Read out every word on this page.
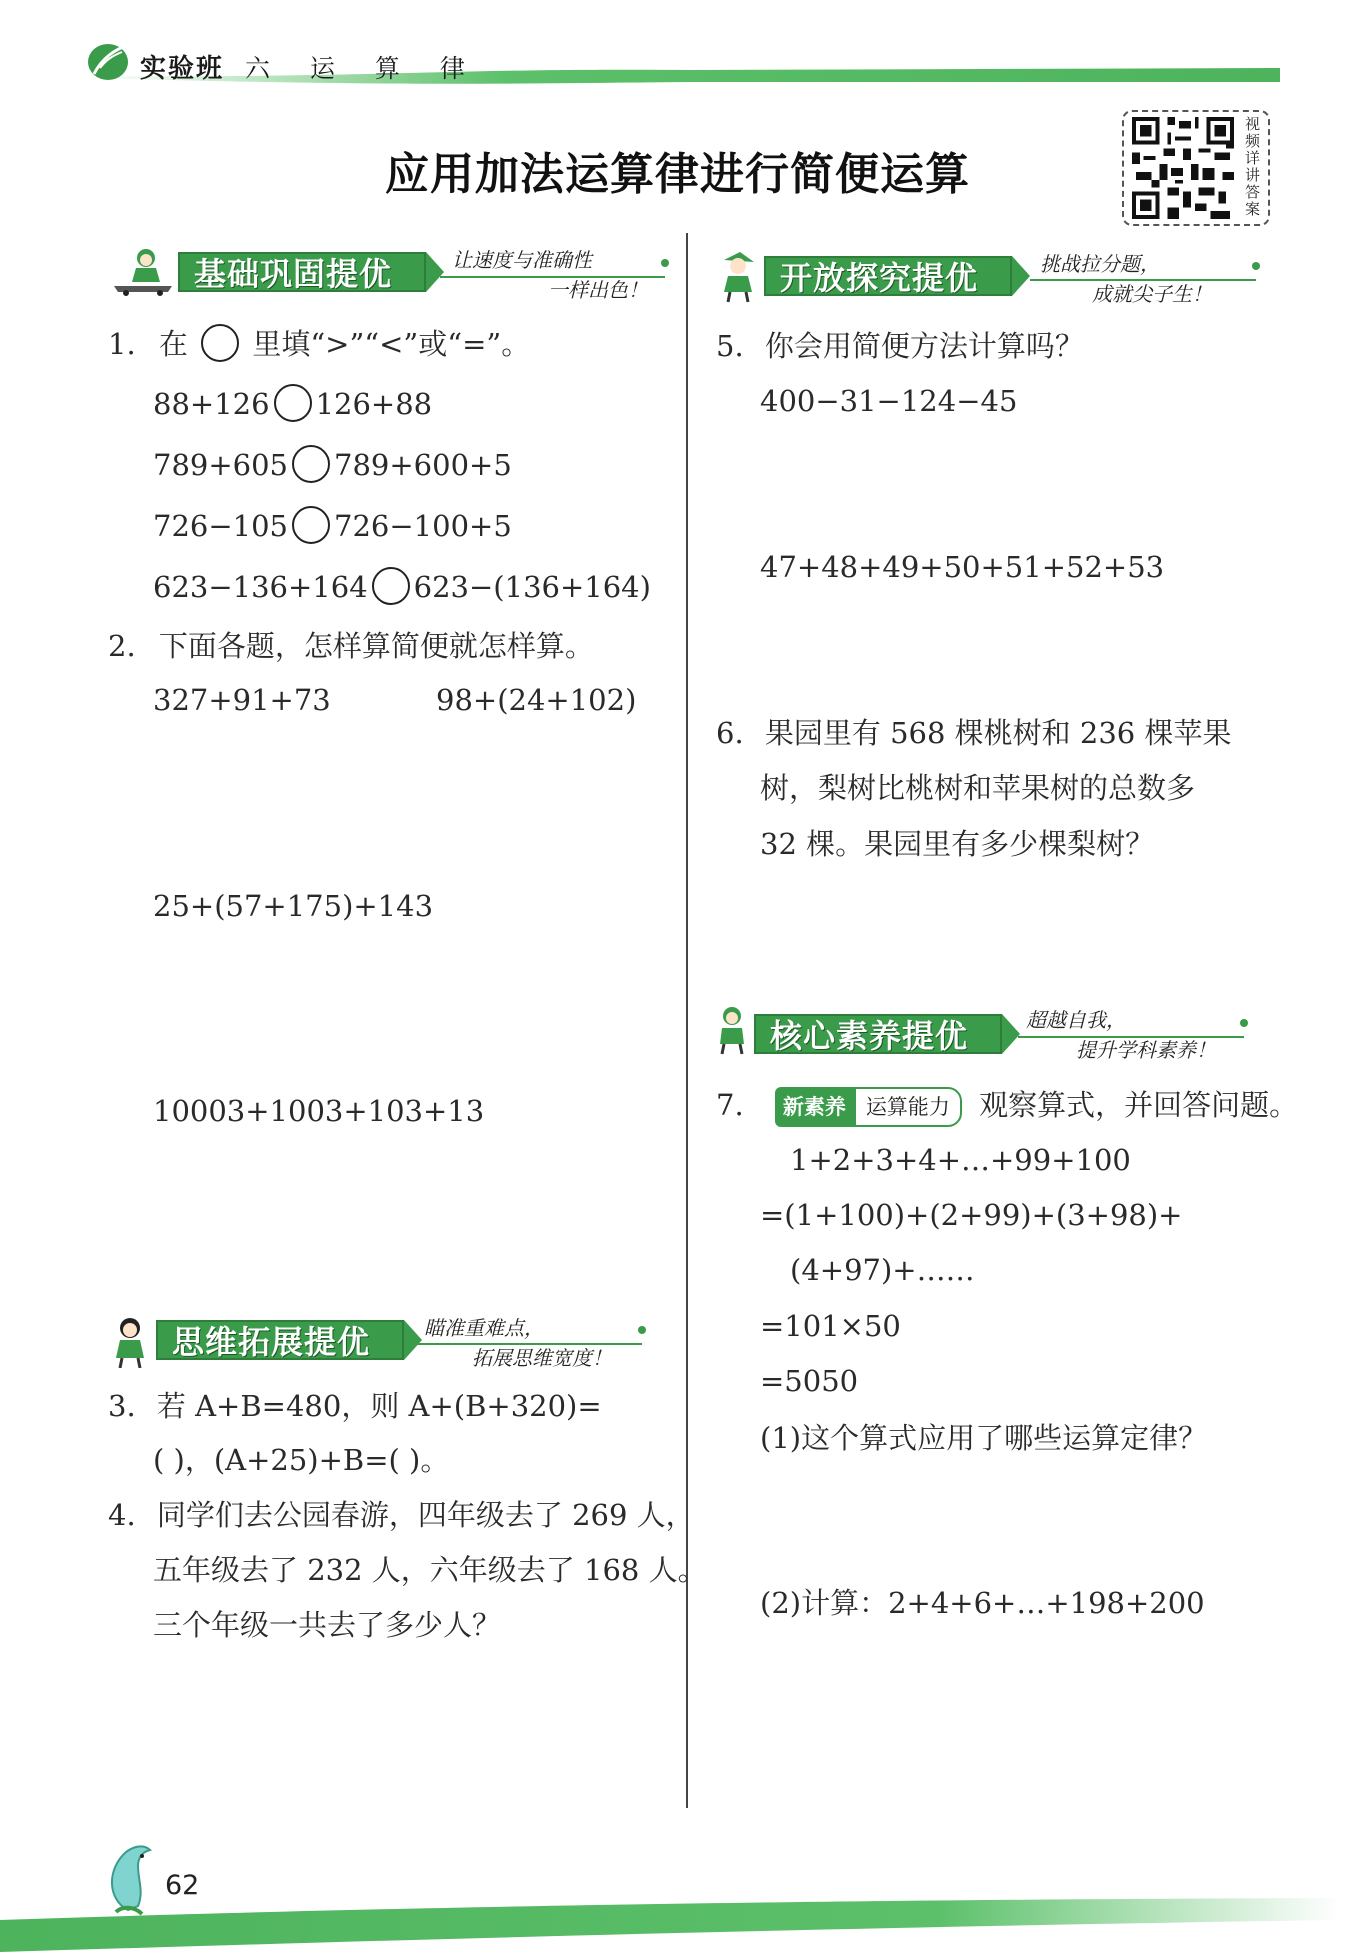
实验班 六 运 算 律
应用加法运算律进行简便运算
视频详讲答案
基础巩固提优	让速度与准确性
一样出色！
1. 在 里填“>”“<”或“=”。
88+126 126+88
789+605 789+600+5
726−105 726−100+5
623−136+164 623−(136+164)
2. 下面各题，怎样算简便就怎样算。
327+91+73	98+(24+102)
25+(57+175)+143
10003+1003+103+13
思维拓展提优	瞄准重难点，
拓展思维宽度！
3. 若 A+B=480，则 A+(B+320)=
( )，(A+25)+B=( )。
4. 同学们去公园春游，四年级去了 269 人，
五年级去了 232 人，六年级去了 168 人。
三个年级一共去了多少人？
开放探究提优	挑战拉分题，
成就尖子生！
5. 你会用简便方法计算吗？
400−31−124−45
47+48+49+50+51+52+53
6. 果园里有 568 棵桃树和 236 棵苹果
树，梨树比桃树和苹果树的总数多
32 棵。果园里有多少棵梨树？
核心素养提优	超越自我，
提升学科素养！
7. 新素养 运算能力 观察算式，并回答问题。
1+2+3+4+…+99+100
=(1+100)+(2+99)+(3+98)+
(4+97)+……
=101×50
=5050
(1)这个算式应用了哪些运算定律？
(2)计算：2+4+6+…+198+200
62
